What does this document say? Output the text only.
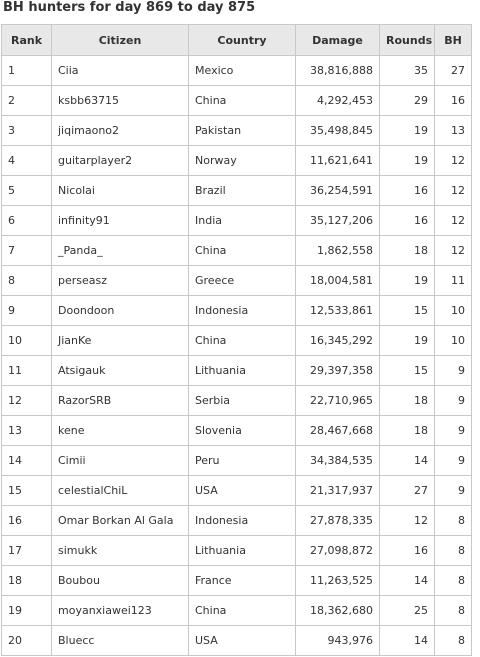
BH hunters for day 869 to day 875
Rank	Citizen	Country	Damage	Rounds	BH
1	Ciia	Mexico	38,816,888	35	27
2	ksbb63715	China	4,292,453	29	16
3	jiqimaono2	Pakistan	35,498,845	19	13
4	guitarplayer2	Norway	11,621,641	19	12
5	Nicolai	Brazil	36,254,591	16	12
6	infinity91	India	35,127,206	16	12
7	_Panda_	China	1,862,558	18	12
8	perseasz	Greece	18,004,581	19	11
9	Doondoon	Indonesia	12,533,861	15	10
10	JianKe	China	16,345,292	19	10
11	Atsigauk	Lithuania	29,397,358	15	9
12	RazorSRB	Serbia	22,710,965	18	9
13	kene	Slovenia	28,467,668	18	9
14	Cimii	Peru	34,384,535	14	9
15	celestialChiL	USA	21,317,937	27	9
16	Omar Borkan Al Gala	Indonesia	27,878,335	12	8
17	simukk	Lithuania	27,098,872	16	8
18	Boubou	France	11,263,525	14	8
19	moyanxiawei123	China	18,362,680	25	8
20	Bluecc	USA	943,976	14	8
